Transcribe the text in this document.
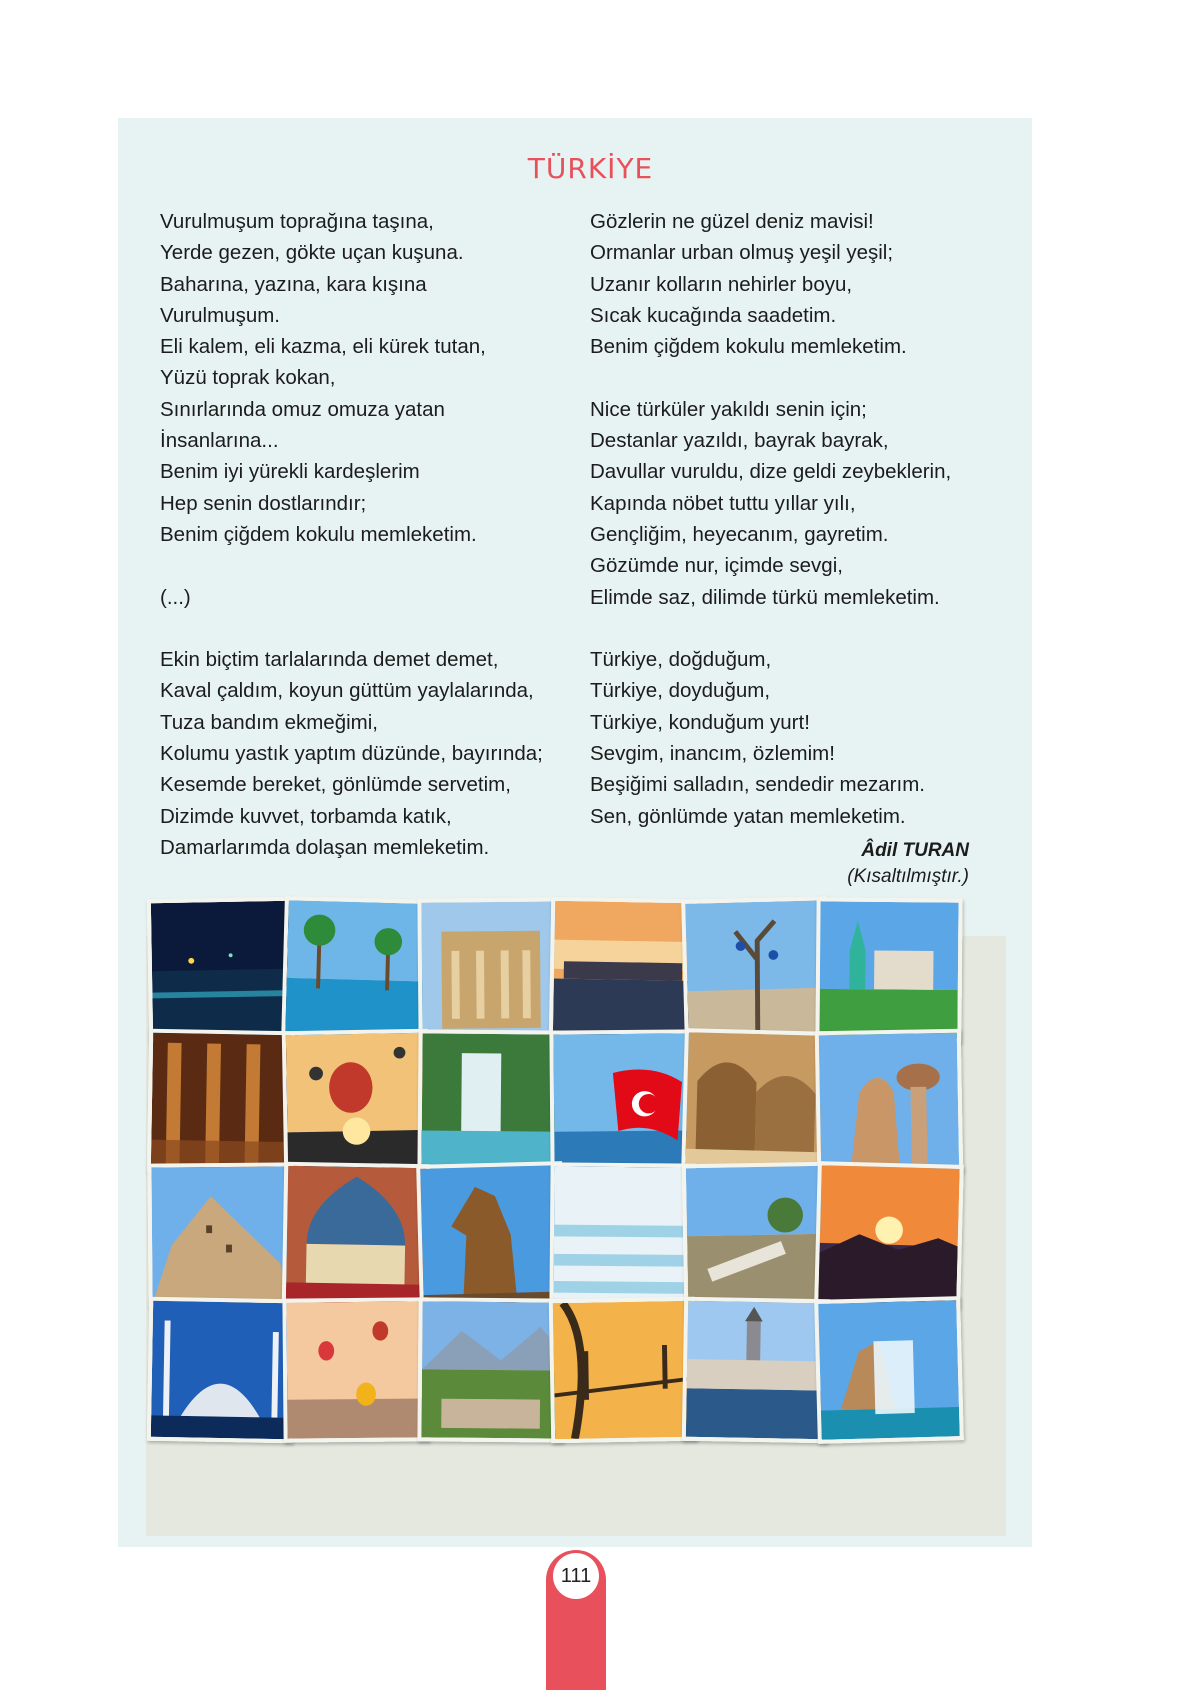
TÜRKİYE
Vurulmuşum toprağına taşına,
Yerde gezen, gökte uçan kuşuna.
Baharına, yazına, kara kışına
Vurulmuşum.
Eli kalem, eli kazma, eli kürek tutan,
Yüzü toprak kokan,
Sınırlarında omuz omuza yatan
İnsanlarına...
Benim iyi yürekli kardeşlerim
Hep senin dostlarındır;
Benim çiğdem kokulu memleketim.
(...)
Ekin biçtim tarlalarında demet demet,
Kaval çaldım, koyun güttüm yaylalarında,
Tuza bandım ekmeğimi,
Kolumu yastık yaptım düzünde, bayırında;
Kesemde bereket, gönlümde servetim,
Dizimde kuvvet, torbamda katık,
Damarlarımda dolaşan memleketim.
Gözlerin ne güzel deniz mavisi!
Ormanlar urban olmuş yeşil yeşil;
Uzanır kolların nehirler boyu,
Sıcak kucağında saadetim.
Benim çiğdem kokulu memleketim.
Nice türküler yakıldı senin için;
Destanlar yazıldı, bayrak bayrak,
Davullar vuruldu, dize geldi zeybeklerin,
Kapında nöbet tuttu yıllar yılı,
Gençliğim, heyecanım, gayretim.
Gözümde nur, içimde sevgi,
Elimde saz, dilimde türkü memleketim.
Türkiye, doğduğum,
Türkiye, doyduğum,
Türkiye, konduğum yurt!
Sevgim, inancım, özlemim!
Beşiğimi salladın, sendedir mezarım.
Sen, gönlümde yatan memleketim.
Âdil TURAN
(Kısaltılmıştır.)
111
